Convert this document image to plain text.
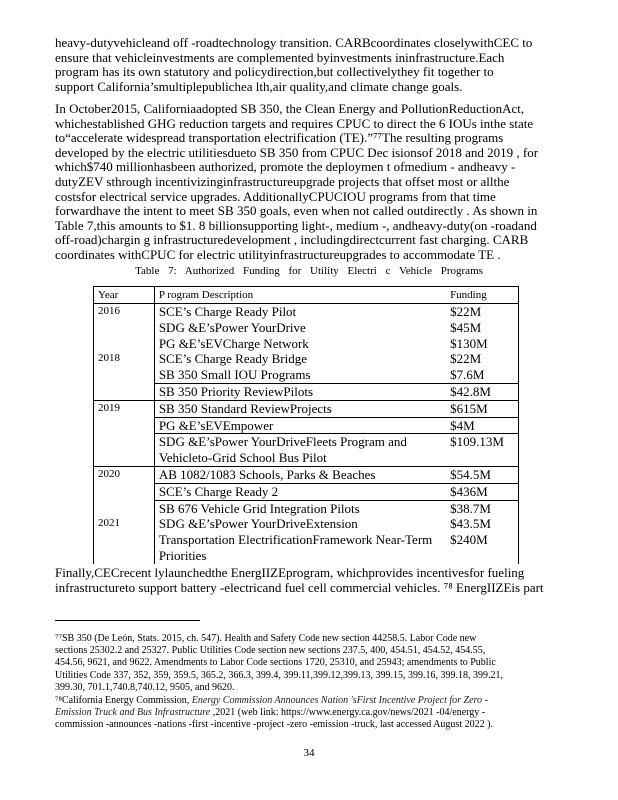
heavy-dutyvehicleand off -roadtechnology transition. CARBcoordinates closelywithCEC to
ensure that vehicleinvestments are complemented byinvestments ininfrastructure.Each
program has its own statutory and policydirection,but collectivelythey fit together to
support California’smultiplepublichea lth,air quality,and climate change goals.
In October2015, Californiaadopted SB 350, the Clean Energy and PollutionReductionAct,
whichestablished GHG reduction targets and requires CPUC to direct the 6 IOUs inthe state
to“accelerate widespread transportation electrification (TE).”⁷⁷The resulting programs
developed by the electric utilitiesdueto SB 350 from CPUC Dec isionsof 2018 and 2019 , for
which$740 millionhasbeen authorized, promote the deploymen t ofmedium - andheavy -
dutyZEV sthrough incentivizinginfrastructureupgrade projects that offset most or allthe
costsfor electrical service upgrades. AdditionallyCPUCIOU programs from that time
forwardhave the intent to meet SB 350 goals, even when not called outdirectly . As shown in
Table 7,this amounts to $1. 8 billionsupporting light-, medium -, andheavy-duty(on -roadand
off-road)chargin g infrastructuredevelopment , includingdirectcurrent fast charging. CARB
coordinates withCPUC for electric utilityinfrastructureupgrades to accommodate TE .
Table 7: Authorized Funding for Utility Electri c Vehicle Programs
Year	P rogram Description	Funding
2016	SCE’s Charge Ready Pilot	$22M
	SDG &E’sPower YourDrive	$45M
	PG &E’sEVCharge Network	$130M
2018	SCE’s Charge Ready Bridge	$22M
	SB 350 Small IOU Programs	$7.6M
	SB 350 Priority ReviewPilots	$42.8M
2019	SB 350 Standard ReviewProjects	$615M
	PG &E’sEVEmpower	$4M
	SDG &E’sPower YourDriveFleets Program and Vehicleto-Grid School Bus Pilot	$109.13M
2020	AB 1082/1083 Schools, Parks & Beaches	$54.5M
	SCE’s Charge Ready 2	$436M
	SB 676 Vehicle Grid Integration Pilots	$38.7M
2021	SDG &E’sPower YourDriveExtension	$43.5M
	Transportation ElectrificationFramework Near-Term Priorities	$240M
Finally,CECrecent lylaunchedthe EnergIIZEprogram, whichprovides incentivesfor fueling
infrastructureto support battery -electricand fuel cell commercial vehicles. ⁷⁸ EnergIIZEis part
⁷⁷SB 350 (De León, Stats. 2015, ch. 547). Health and Safety Code new section 44258.5. Labor Code new
sections 25302.2 and 25327. Public Utilities Code section new sections 237.5, 400, 454.51, 454.52, 454.55,
454.56, 9621, and 9622. Amendments to Labor Code sections 1720, 25310, and 25943; amendments to Public
Utilities Code 337, 352, 359, 359.5, 365.2, 366.3, 399.4, 399.11,399.12,399.13, 399.15, 399.16, 399.18, 399.21,
399.30, 701.1,740.8,740.12, 9505, and 9620.
⁷⁸California Energy Commission, Energy Commission Announces Nation 'sFirst Incentive Project for Zero -
Emission Truck and Bus Infrastructure ,2021 (web link: https://www.energy.ca.gov/news/2021 -04/energy -
commission -announces -nations -first -incentive -project -zero -emission -truck, last accessed August 2022 ).
34
